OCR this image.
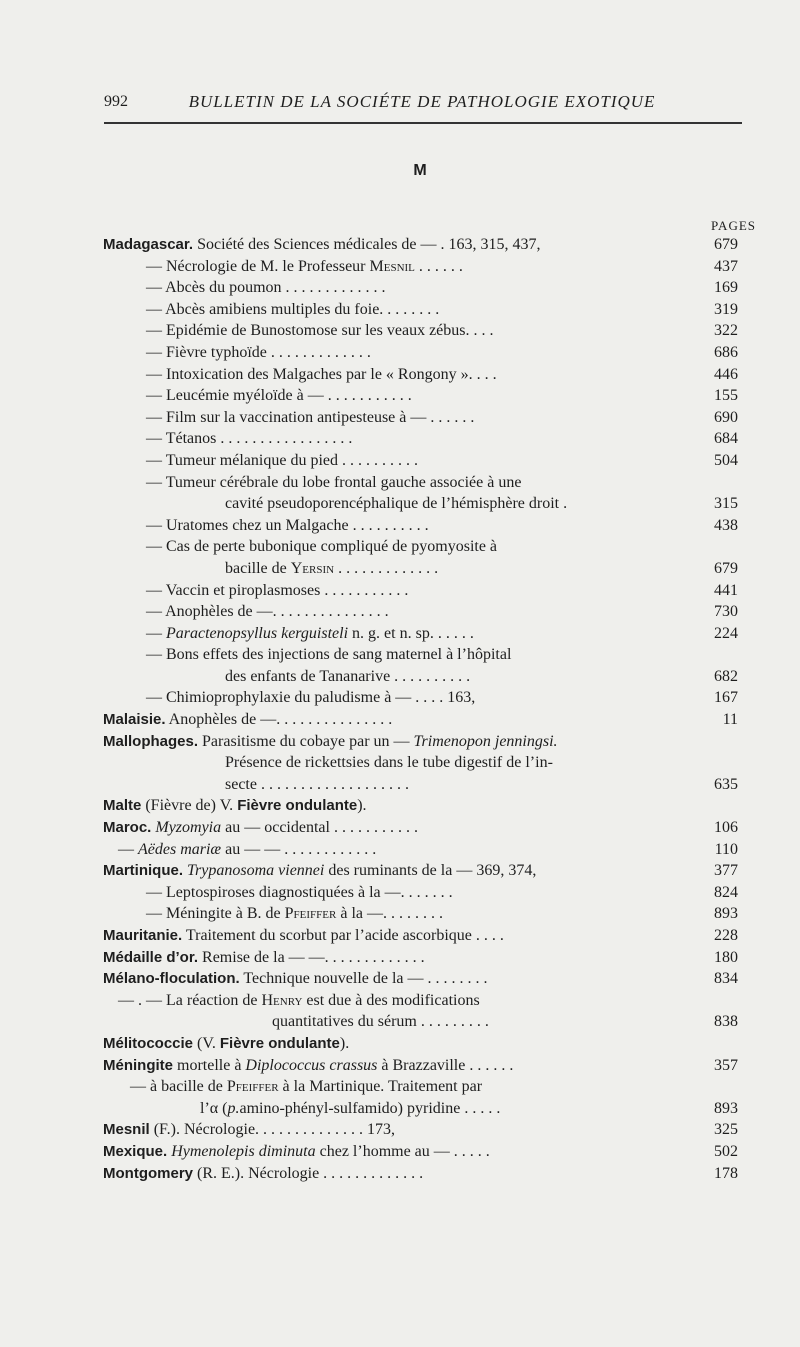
992	BULLETIN DE LA SOCIÉTE DE PATHOLOGIE EXOTIQUE
M
PAGES
Madagascar. Société des Sciences médicales de — . 163, 315, 437,	679
— Nécrologie de M. le Professeur Mesnil . . . . . .	437
— Abcès du poumon . . . . . . . . . . . . .	169
— Abcès amibiens multiples du foie. . . . . . . .	319
— Epidémie de Bunostomose sur les veaux zébus. . . .	322
— Fièvre typhoïde . . . . . . . . . . . . .	686
— Intoxication des Malgaches par le « Rongony ». . . .	446
— Leucémie myéloïde à — . . . . . . . . . . .	155
— Film sur la vaccination antipesteuse à — . . . . . .	690
— Tétanos . . . . . . . . . . . . . . . . .	684
— Tumeur mélanique du pied . . . . . . . . . .	504
— Tumeur cérébrale du lobe frontal gauche associée à une
cavité pseudoporencéphalique de l’hémisphère droit .	315
— Uratomes chez un Malgache . . . . . . . . . .	438
— Cas de perte bubonique compliqué de pyomyosite à
bacille de Yersin . . . . . . . . . . . . .	679
— Vaccin et piroplasmoses . . . . . . . . . . .	441
— Anophèles de —. . . . . . . . . . . . . . .	730
— Paractenopsyllus kerguisteli n. g. et n. sp. . . . . .	224
— Bons effets des injections de sang maternel à l’hôpital
des enfants de Tananarive . . . . . . . . . .	682
— Chimioprophylaxie du paludisme à — . . . . 163,	167
Malaisie. Anophèles de —. . . . . . . . . . . . . . .	11
Mallophages. Parasitisme du cobaye par un — Trimenopon jenningsi.
Présence de rickettsies dans le tube digestif de l’in-
secte . . . . . . . . . . . . . . . . . . .	635
Malte (Fièvre de) V. Fièvre ondulante).
Maroc. Myzomyia au — occidental . . . . . . . . . . .	106
— Aëdes mariæ au — — . . . . . . . . . . . .	110
Martinique. Trypanosoma viennei des ruminants de la — 369, 374,	377
— Leptospiroses diagnostiquées à la —. . . . . . .	824
— Méningite à B. de Pfeiffer à la —. . . . . . . .	893
Mauritanie. Traitement du scorbut par l’acide ascorbique . . . .	228
Médaille d’or. Remise de la — —. . . . . . . . . . . . .	180
Mélano-floculation. Technique nouvelle de la — . . . . . . . .	834
— . — La réaction de Henry est due à des modifications
quantitatives du sérum . . . . . . . . .	838
Mélitococcie (V. Fièvre ondulante).
Méningite mortelle à Diplococcus crassus à Brazzaville . . . . . .	357
— à bacille de Pfeiffer à la Martinique. Traitement par
l’α (p.amino-phényl-sulfamido) pyridine . . . . .	893
Mesnil (F.). Nécrologie. . . . . . . . . . . . . . 173,	325
Mexique. Hymenolepis diminuta chez l’homme au — . . . . .	502
Montgomery (R. E.). Nécrologie . . . . . . . . . . . . .	178
